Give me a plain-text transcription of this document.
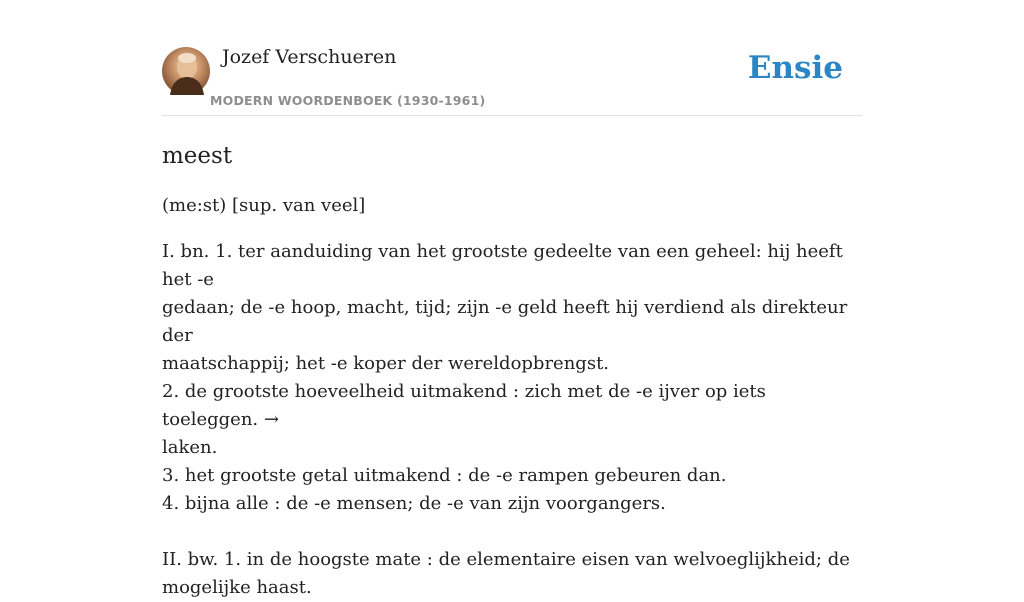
Jozef Verschueren
MODERN WOORDENBOEK (1930-1961)
Ensie
meest
(me:st) [sup. van veel]
I. bn. 1. ter aanduiding van het grootste gedeelte van een geheel: hij heeft het -e
gedaan; de -e hoop, macht, tijd; zijn -e geld heeft hij verdiend als direkteur der
maatschappij; het -e koper der wereldopbrengst.
2. de grootste hoeveelheid uitmakend : zich met de -e ijver op iets toeleggen. →
laken.
3. het grootste getal uitmakend : de -e rampen gebeuren dan.
4. bijna alle : de -e mensen; de -e van zijn voorgangers.
II. bw. 1. in de hoogste mate : de elementaire eisen van welvoeglijkheid; de
mogelijke haast.
